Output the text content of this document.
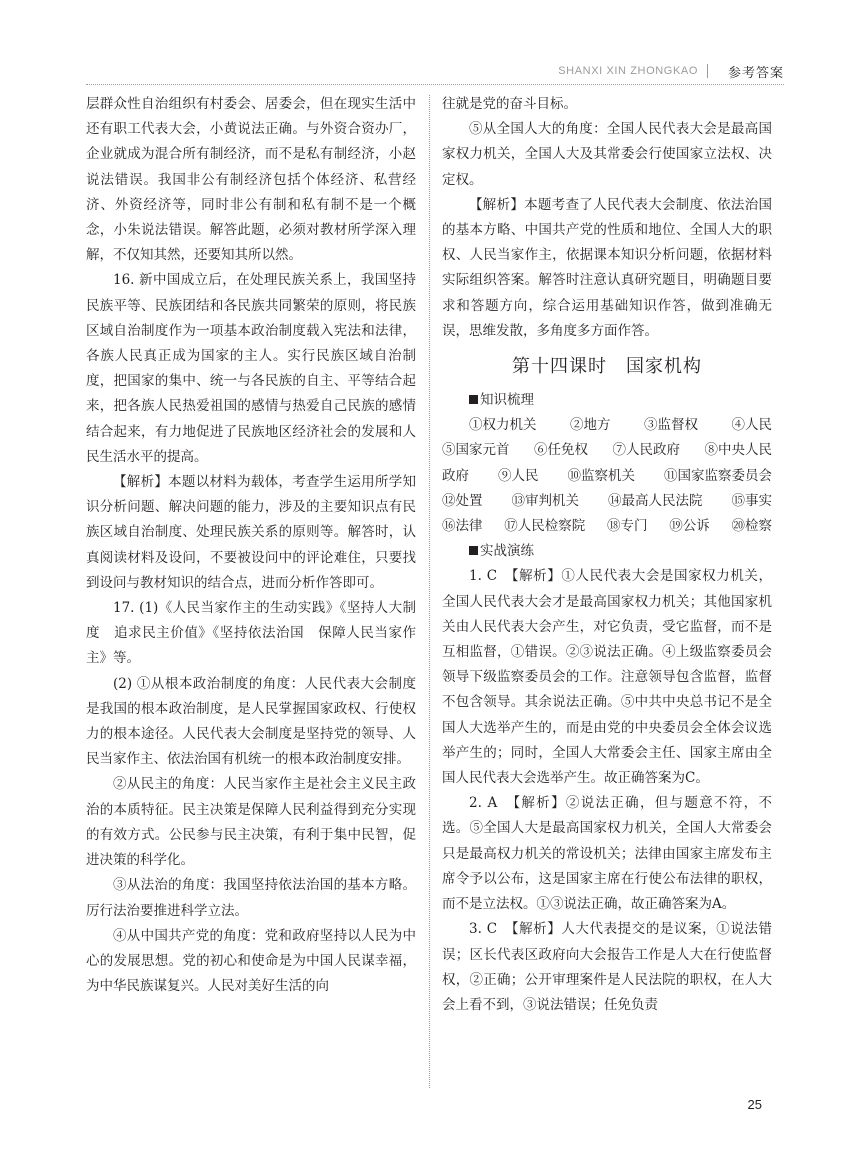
SHANXI XIN ZHONGKAO 参考答案

层群众性自治组织有村委会、居委会，但在现实生活中还有职工代表大会，小黄说法正确。与外资合资办厂，企业就成为混合所有制经济，而不是私有制经济，小赵说法错误。我国非公有制经济包括个体经济、私营经济、外资经济等，同时非公有制和私有制不是一个概念，小朱说法错误。解答此题，必须对教材所学深入理解，不仅知其然，还要知其所以然。

16. 新中国成立后，在处理民族关系上，我国坚持民族平等、民族团结和各民族共同繁荣的原则，将民族区域自治制度作为一项基本政治制度载入宪法和法律，各族人民真正成为国家的主人。实行民族区域自治制度，把国家的集中、统一与各民族的自主、平等结合起来，把各族人民热爱祖国的感情与热爱自己民族的感情结合起来，有力地促进了民族地区经济社会的发展和人民生活水平的提高。

【解析】本题以材料为载体，考查学生运用所学知识分析问题、解决问题的能力，涉及的主要知识点有民族区域自治制度、处理民族关系的原则等。解答时，认真阅读材料及设问，不要被设问中的评论难住，只要找到设问与教材知识的结合点，进而分析作答即可。

17. (1)《人民当家作主的生动实践》《坚持人大制度　追求民主价值》《坚持依法治国　保障人民当家作主》等。

(2) ①从根本政治制度的角度：人民代表大会制度是我国的根本政治制度，是人民掌握国家政权、行使权力的根本途径。人民代表大会制度是坚持党的领导、人民当家作主、依法治国有机统一的根本政治制度安排。

②从民主的角度：人民当家作主是社会主义民主政治的本质特征。民主决策是保障人民利益得到充分实现的有效方式。公民参与民主决策，有利于集中民智，促进决策的科学化。

③从法治的角度：我国坚持依法治国的基本方略。厉行法治要推进科学立法。

④从中国共产党的角度：党和政府坚持以人民为中心的发展思想。党的初心和使命是为中国人民谋幸福，为中华民族谋复兴。人民对美好生活的向

往就是党的奋斗目标。

⑤从全国人大的角度：全国人民代表大会是最高国家权力机关，全国人大及其常委会行使国家立法权、决定权。

【解析】本题考查了人民代表大会制度、依法治国的基本方略、中国共产党的性质和地位、全国人大的职权、人民当家作主，依据课本知识分析问题，依据材料实际组织答案。解答时注意认真研究题目，明确题目要求和答题方向，综合运用基础知识作答，做到准确无误，思维发散，多角度多方面作答。

第十四课时　国家机构
知识梳理
①权力机关 ②地方 ③监督权 ④人民
⑤国家元首 ⑥任免权 ⑦人民政府 ⑧中央人民
政府 ⑨人民 ⑩监察机关 ⑪国家监察委员会
⑫处置 ⑬审判机关 ⑭最高人民法院 ⑮事实
⑯法律 ⑰人民检察院 ⑱专门 ⑲公诉 ⑳检察
实战演练

1. C　【解析】①人民代表大会是国家权力机关，全国人民代表大会才是最高国家权力机关；其他国家机关由人民代表大会产生，对它负责，受它监督，而不是互相监督，①错误。②③说法正确。④上级监察委员会领导下级监察委员会的工作。注意领导包含监督，监督不包含领导。其余说法正确。⑤中共中央总书记不是全国人大选举产生的，而是由党的中央委员会全体会议选举产生的；同时，全国人大常委会主任、国家主席由全国人民代表大会选举产生。故正确答案为C。

2. A　【解析】②说法正确，但与题意不符，不选。⑤全国人大是最高国家权力机关，全国人大常委会只是最高权力机关的常设机关；法律由国家主席发布主席令予以公布，这是国家主席在行使公布法律的职权，而不是立法权。①③说法正确，故正确答案为A。

3. C　【解析】人大代表提交的是议案，①说法错误；区长代表区政府向大会报告工作是人大在行使监督权，②正确；公开审理案件是人民法院的职权，在人大会上看不到，③说法错误；任免负责

25
